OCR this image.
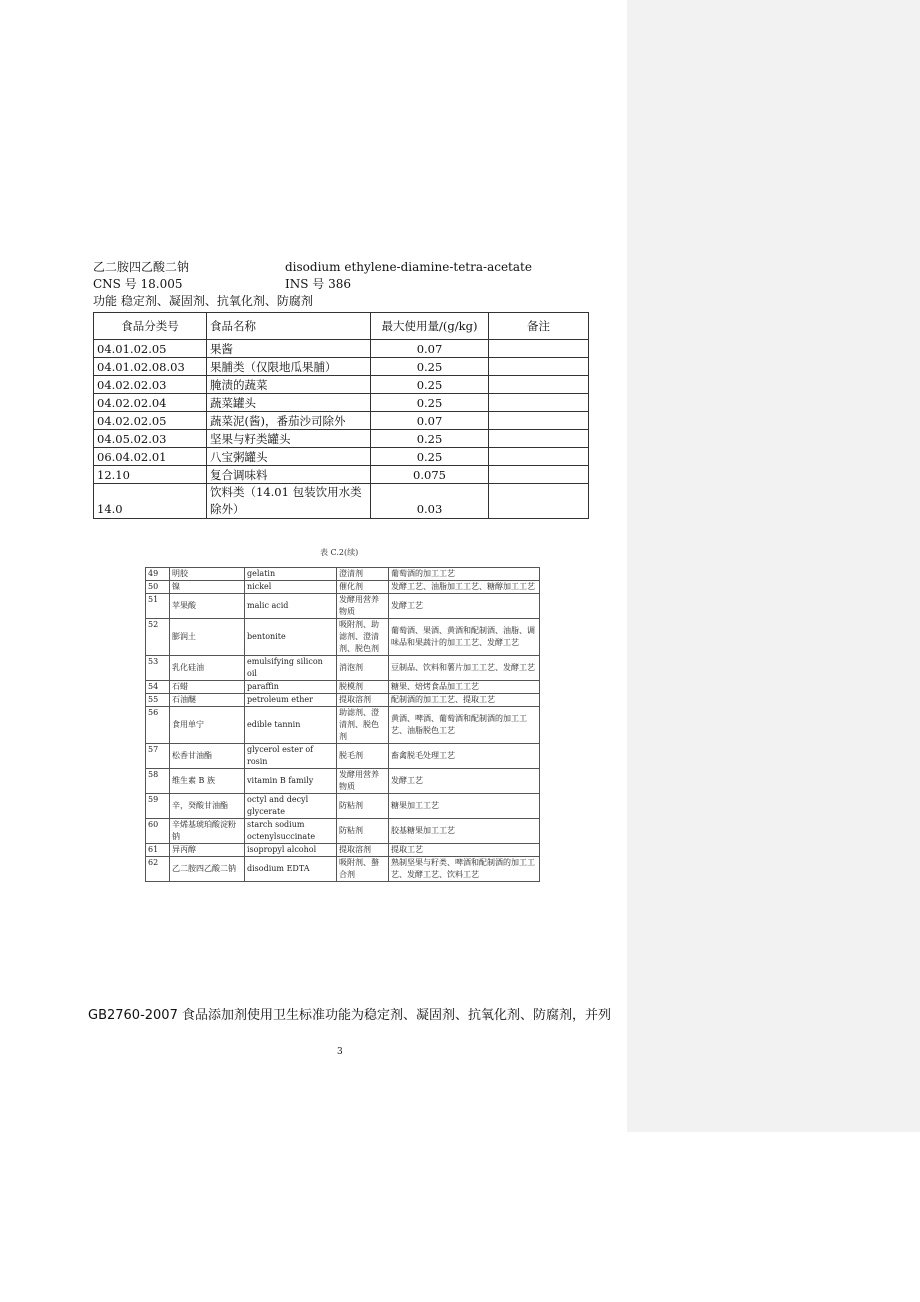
乙二胺四乙酸二钠	disodium ethylene-diamine-tetra-acetate
CNS 号 18.005	INS 号 386
功能 稳定剂、凝固剂、抗氧化剂、防腐剂
食品分类号	食品名称	最大使用量/(g/kg)	备注
04.01.02.05	果酱	0.07	
04.01.02.08.03	果脯类（仅限地瓜果脯）	0.25	
04.02.02.03	腌渍的蔬菜	0.25	
04.02.02.04	蔬菜罐头	0.25	
04.02.02.05	蔬菜泥(酱)，番茄沙司除外	0.07	
04.05.02.03	坚果与籽类罐头	0.25	
06.04.02.01	八宝粥罐头	0.25	
12.10	复合调味料	0.075	
14.0	饮料类（14.01 包装饮用水类除外）	0.03	
表 C.2(续)
49	明胶	gelatin	澄清剂	葡萄酒的加工工艺
50	镍	nickel	催化剂	发酵工艺、油脂加工工艺、糖醇加工工艺
51	苹果酸	malic acid	发酵用营养物质	发酵工艺
52	膨润土	bentonite	吸附剂、助滤剂、澄清剂、脱色剂	葡萄酒、果酒、黄酒和配制酒、油脂、调味品和果蔬汁的加工工艺、发酵工艺
53	乳化硅油	emulsifying silicon oil	消泡剂	豆制品、饮料和薯片加工工艺、发酵工艺
54	石蜡	paraffin	脱模剂	糖果、焙烤食品加工工艺
55	石油醚	petroleum ether	提取溶剂	配制酒的加工工艺、提取工艺
56	食用单宁	edible tannin	助滤剂、澄清剂、脱色剂	黄酒、啤酒、葡萄酒和配制酒的加工工艺、油脂脱色工艺
57	松香甘油酯	glycerol ester of rosin	脱毛剂	畜禽脱毛处理工艺
58	维生素 B 族	vitamin B family	发酵用营养物质	发酵工艺
59	辛，癸酸甘油酯	octyl and decyl glycerate	防粘剂	糖果加工工艺
60	辛烯基琥珀酸淀粉钠	starch sodium octenylsuccinate	防粘剂	胶基糖果加工工艺
61	异丙醇	isopropyl alcohol	提取溶剂	提取工艺
62	乙二胺四乙酸二钠	disodium EDTA	吸附剂、螯合剂	熟制坚果与籽类、啤酒和配制酒的加工工艺、发酵工艺、饮料工艺
GB2760-2007 食品添加剂使用卫生标准功能为稳定剂、凝固剂、抗氧化剂、防腐剂，并列
3
